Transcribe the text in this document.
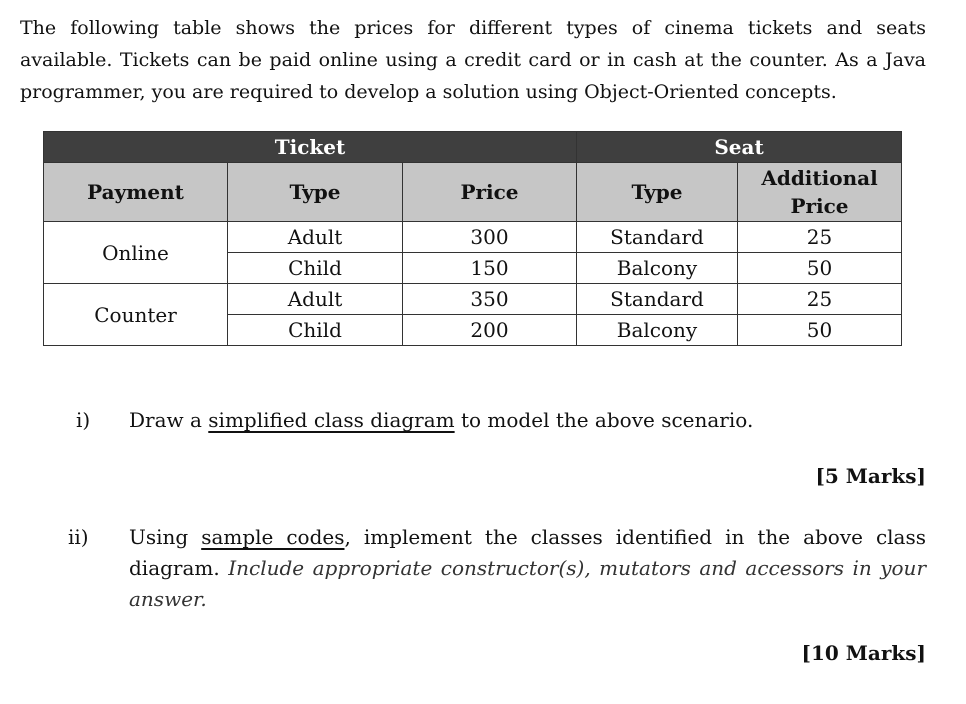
The following table shows the prices for different types of cinema tickets and seats
available. Tickets can be paid online using a credit card or in cash at the counter. As a Java
programmer, you are required to develop a solution using Object-Oriented concepts.

Ticket			Seat	
Payment	Type	Price	Type	Additional
Price
Online	Adult	300	Standard	25
	Child	150	Balcony	50
Counter	Adult	350	Standard	25
	Child	200	Balcony	50
i)	Draw a simplified class diagram to model the above scenario.
[5 Marks]
ii)	Using sample codes, implement the classes identified in the above class
diagram. Include appropriate constructor(s), mutators and accessors in your
answer.
[10 Marks]
